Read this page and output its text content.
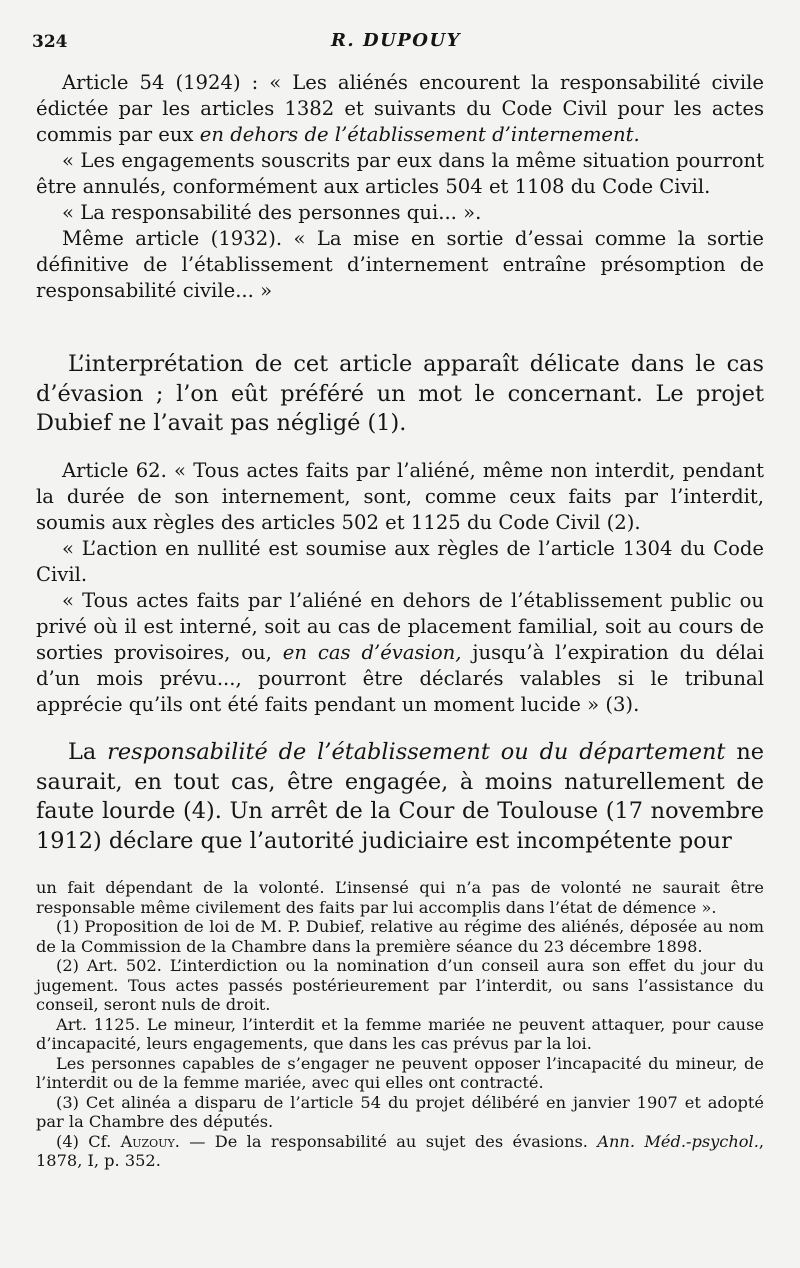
324	R. DUPOUY

Article 54 (1924) : « Les aliénés encourent la responsabilité civile édictée par les articles 1382 et suivants du Code Civil pour les actes commis par eux en dehors de l’établissement d’internement.

« Les engagements souscrits par eux dans la même situation pourront être annulés, conformément aux articles 504 et 1108 du Code Civil.

« La responsabilité des personnes qui... ».

Même article (1932). « La mise en sortie d’essai comme la sortie définitive de l’établissement d’internement entraîne présomption de responsabilité civile... »

L’interprétation de cet article apparaît délicate dans le cas d’évasion ; l’on eût préféré un mot le concernant. Le projet Dubief ne l’avait pas négligé (1).

Article 62. « Tous actes faits par l’aliéné, même non interdit, pendant la durée de son internement, sont, comme ceux faits par l’interdit, soumis aux règles des articles 502 et 1125 du Code Civil (2).

« L’action en nullité est soumise aux règles de l’article 1304 du Code Civil.

« Tous actes faits par l’aliéné en dehors de l’établissement public ou privé où il est interné, soit au cas de placement familial, soit au cours de sorties provisoires, ou, en cas d’évasion, jusqu’à l’expiration du délai d’un mois prévu..., pourront être déclarés valables si le tribunal apprécie qu’ils ont été faits pendant un moment lucide » (3).

La responsabilité de l’établissement ou du département ne saurait, en tout cas, être engagée, à moins naturellement de faute lourde (4). Un arrêt de la Cour de Toulouse (17 novembre 1912) déclare que l’autorité judiciaire est incompétente pour

un fait dépendant de la volonté. L’insensé qui n’a pas de volonté ne saurait être responsable même civilement des faits par lui accomplis dans l’état de démence ».

(1) Proposition de loi de M. P. Dubief, relative au régime des aliénés, déposée au nom de la Commission de la Chambre dans la première séance du 23 décembre 1898.

(2) Art. 502. L’interdiction ou la nomination d’un conseil aura son effet du jour du jugement. Tous actes passés postérieurement par l’interdit, ou sans l’assistance du conseil, seront nuls de droit.

Art. 1125. Le mineur, l’interdit et la femme mariée ne peuvent attaquer, pour cause d’incapacité, leurs engagements, que dans les cas prévus par la loi.

Les personnes capables de s’engager ne peuvent opposer l’incapacité du mineur, de l’interdit ou de la femme mariée, avec qui elles ont contracté.

(3) Cet alinéa a disparu de l’article 54 du projet délibéré en janvier 1907 et adopté par la Chambre des députés.

(4) Cf. Auzouy. — De la responsabilité au sujet des évasions. Ann. Méd.-psychol., 1878, I, p. 352.
